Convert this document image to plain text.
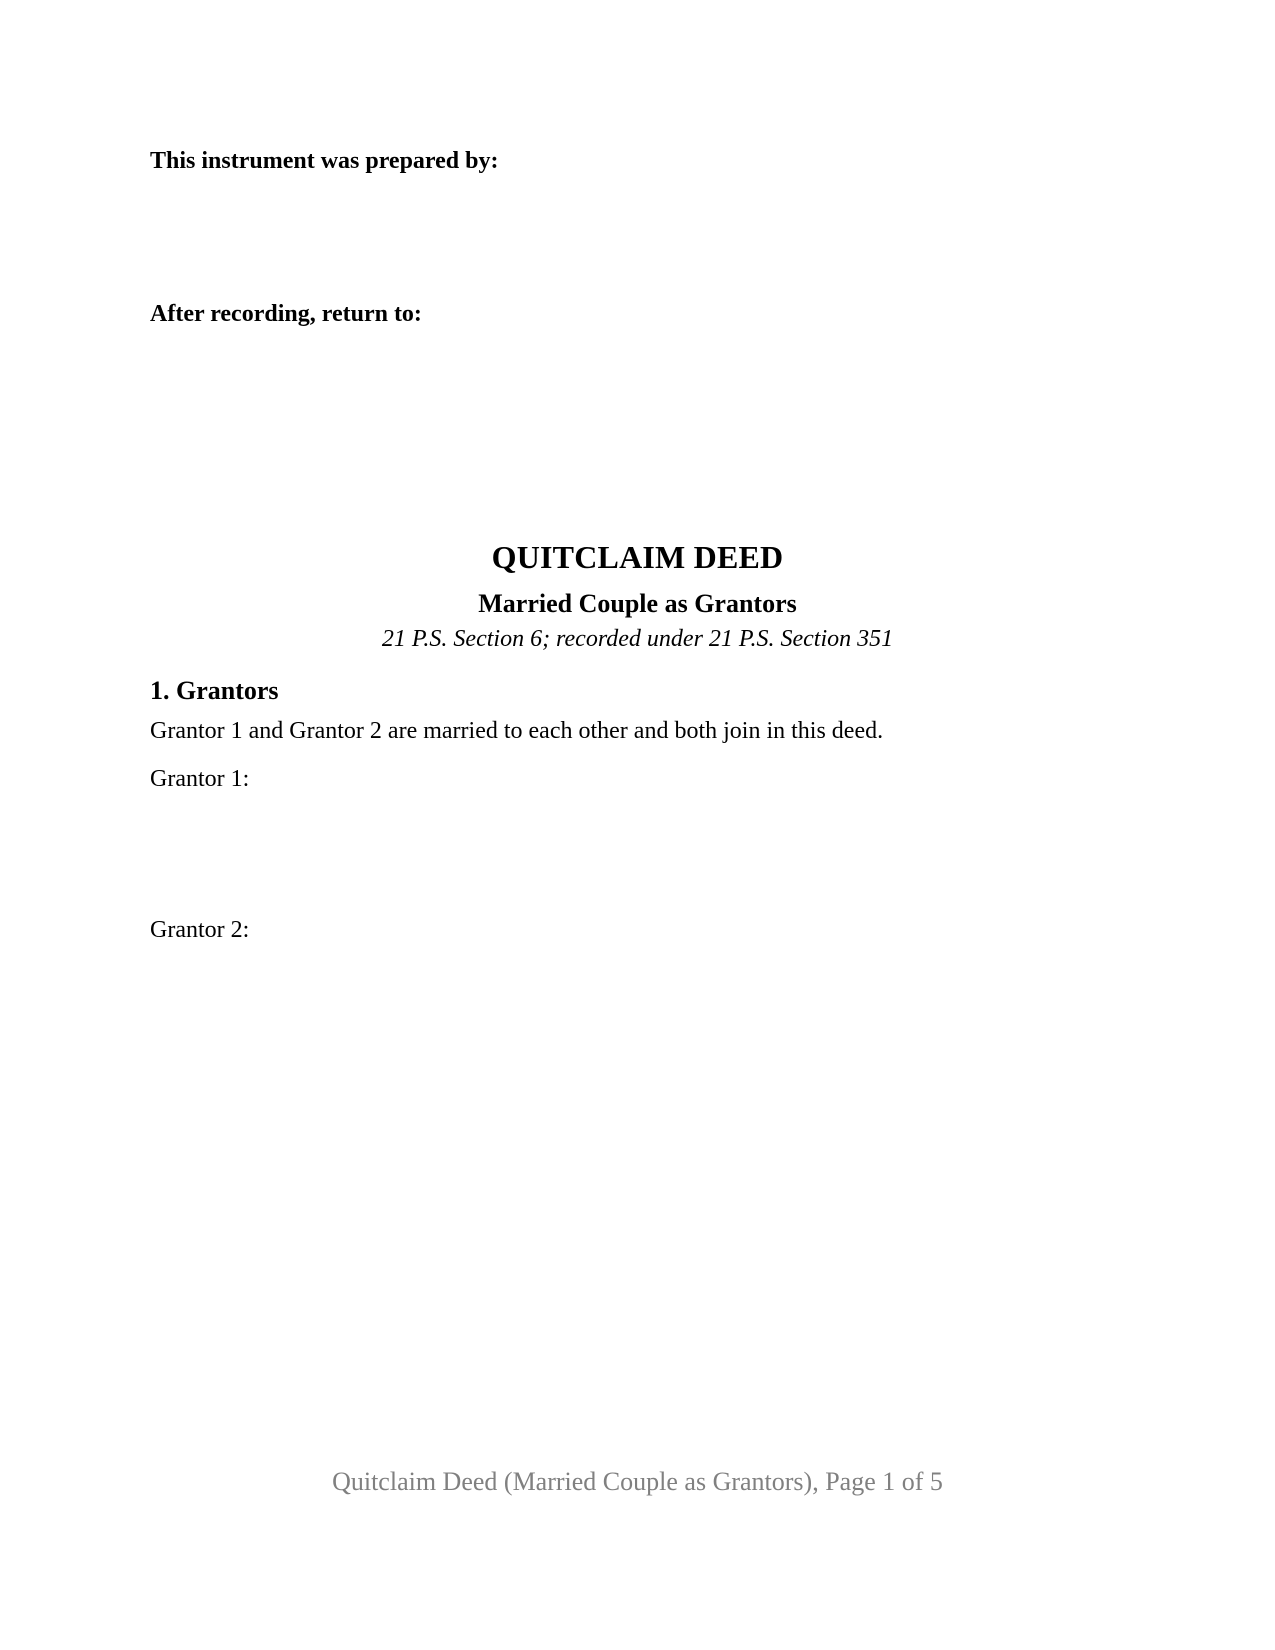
This instrument was prepared by:

After recording, return to:

QUITCLAIM DEED
Married Couple as Grantors

21 P.S. Section 6; recorded under 21 P.S. Section 351

1. Grantors

Grantor 1 and Grantor 2 are married to each other and both join in this deed.

Grantor 1:

Grantor 2:

Quitclaim Deed (Married Couple as Grantors), Page 1 of 5
